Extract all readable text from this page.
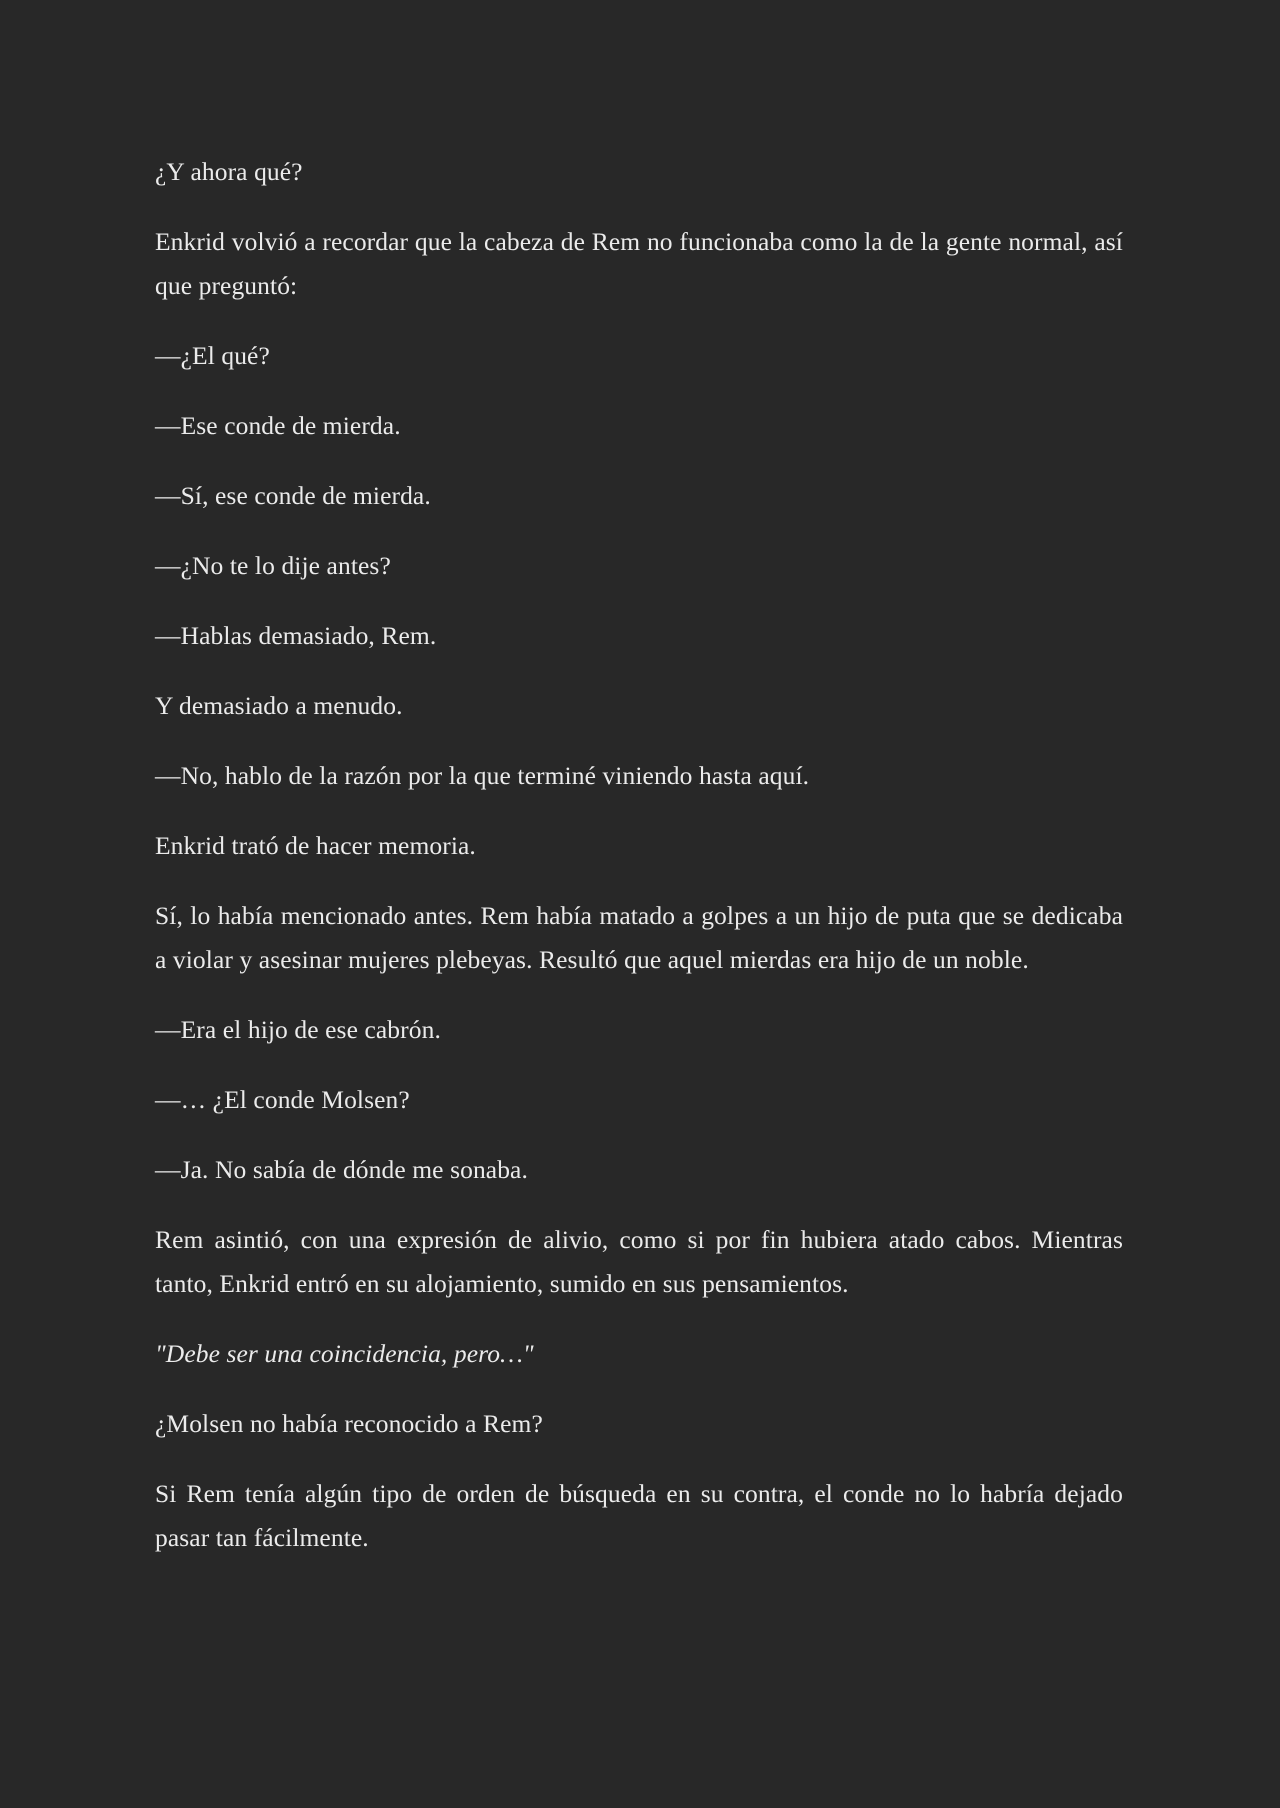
¿Y ahora qué?

Enkrid volvió a recordar que la cabeza de Rem no funcionaba como la de la gente normal, así que preguntó:

—¿El qué?

—Ese conde de mierda.

—Sí, ese conde de mierda.

—¿No te lo dije antes?

—Hablas demasiado, Rem.

Y demasiado a menudo.

—No, hablo de la razón por la que terminé viniendo hasta aquí.

Enkrid trató de hacer memoria.

Sí, lo había mencionado antes. Rem había matado a golpes a un hijo de puta que se dedicaba a violar y asesinar mujeres plebeyas. Resultó que aquel mierdas era hijo de un noble.

—Era el hijo de ese cabrón.

—… ¿El conde Molsen?

—Ja. No sabía de dónde me sonaba.

Rem asintió, con una expresión de alivio, como si por fin hubiera atado cabos. Mientras tanto, Enkrid entró en su alojamiento, sumido en sus pensamientos.

"Debe ser una coincidencia, pero…"

¿Molsen no había reconocido a Rem?

Si Rem tenía algún tipo de orden de búsqueda en su contra, el conde no lo habría dejado pasar tan fácilmente.
